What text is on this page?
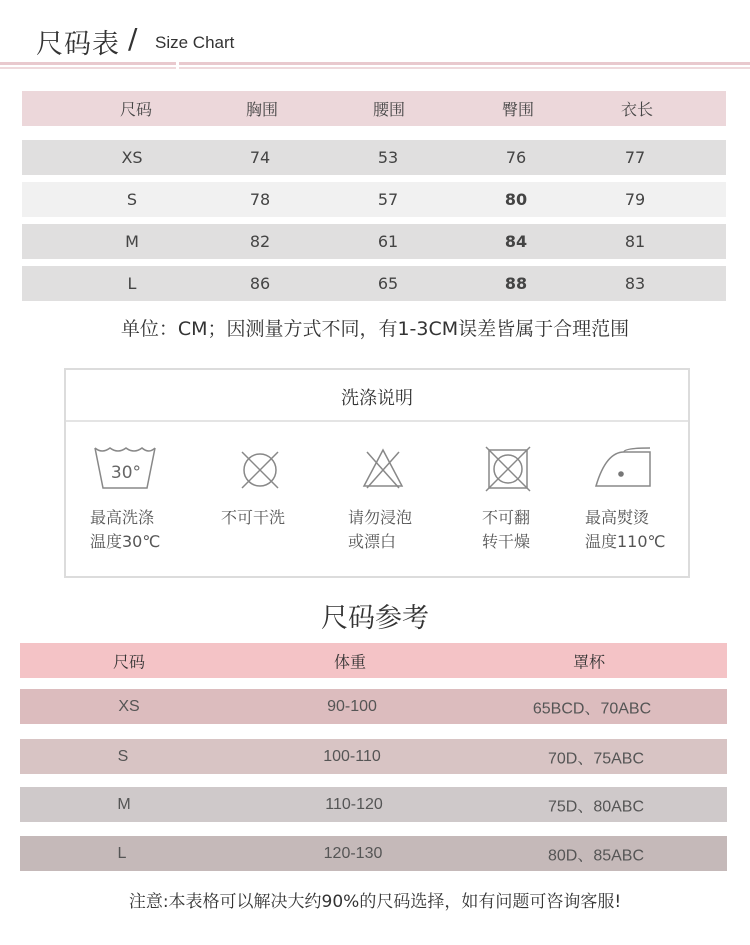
尺码表 / Size Chart
尺码	胸围	腰围	臀围	衣长
XS	74	53	76	77
S	78	57	80	79
M	82	61	84	81
L	86	65	88	83
单位：CM；因测量方式不同，有1-3CM误差皆属于合理范围
洗涤说明
30°
最高洗涤
温度30℃
不可干洗	请勿浸泡
或漂白
不可翻
转干燥
最高熨烫
温度110℃
尺码参考
尺码	体重	罩杯
XS	90-100	65BCD、70ABC
S	100-110	70D、75ABC
M	110-120	75D、80ABC
L	120-130	80D、85ABC
注意:本表格可以解决大约90%的尺码选择，如有问题可咨询客服!
